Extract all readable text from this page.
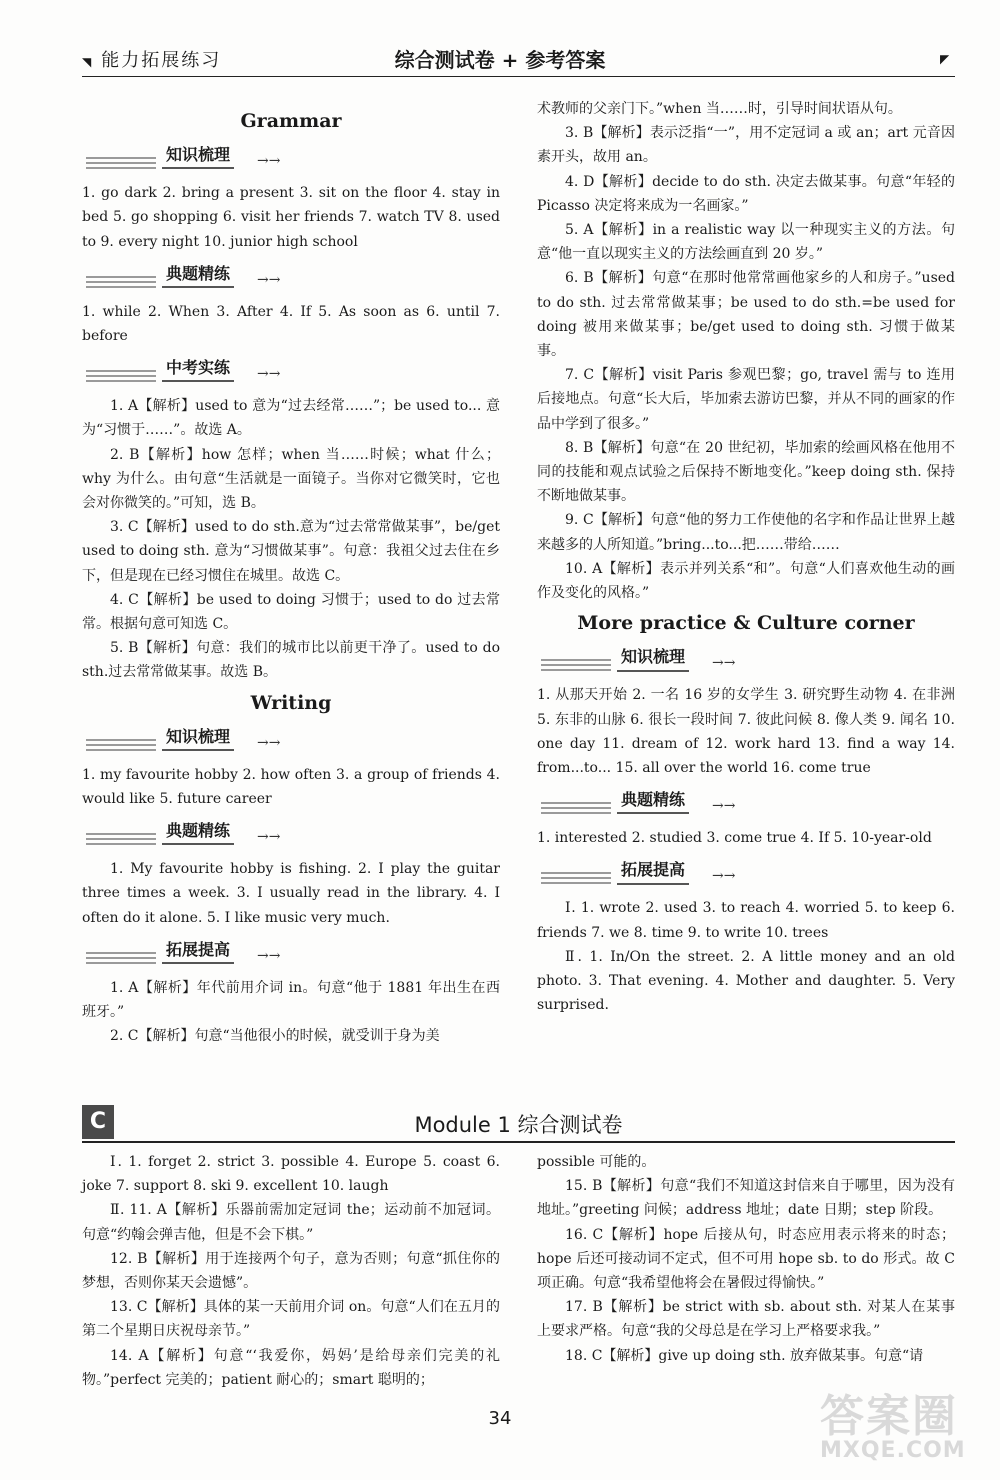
◥ 能力拓展练习	综合测试卷 + 参考答案	◤
Grammar
知识梳理 →→

1. go dark 2. bring a present 3. sit on the floor 4. stay in bed 5. go shopping 6. visit her friends 7. watch TV 8. used to 9. every night 10. junior high school

典题精练 →→

1. while 2. When 3. After 4. If 5. As soon as 6. until 7. before

中考实练 →→

1. A【解析】used to 意为“过去经常……”；be used to... 意为“习惯于……”。故选 A。

2. B【解析】how 怎样；when 当……时候；what 什么；why 为什么。由句意“生活就是一面镜子。当你对它微笑时，它也会对你微笑的。”可知，选 B。

3. C【解析】used to do sth.意为“过去常常做某事”，be/get used to doing sth. 意为“习惯做某事”。句意：我祖父过去住在乡下，但是现在已经习惯住在城里。故选 C。

4. C【解析】be used to doing 习惯于；used to do 过去常常。根据句意可知选 C。

5. B【解析】句意：我们的城市比以前更干净了。used to do sth.过去常常做某事。故选 B。

Writing
知识梳理 →→

1. my favourite hobby 2. how often 3. a group of friends 4. would like 5. future career

典题精练 →→

1. My favourite hobby is fishing. 2. I play the guitar three times a week. 3. I usually read in the library. 4. I often do it alone. 5. I like music very much.

拓展提高 →→

1. A【解析】年代前用介词 in。句意“他于 1881 年出生在西班牙。”

2. C【解析】句意“当他很小的时候，就受训于身为美

术教师的父亲门下。”when 当……时，引导时间状语从句。

3. B【解析】表示泛指“一”，用不定冠词 a 或 an；art 元音因素开头，故用 an。

4. D【解析】decide to do sth. 决定去做某事。句意“年轻的 Picasso 决定将来成为一名画家。”

5. A【解析】in a realistic way 以一种现实主义的方法。句意“他一直以现实主义的方法绘画直到 20 岁。”

6. B【解析】句意“在那时他常常画他家乡的人和房子。”used to do sth. 过去常常做某事；be used to do sth.=be used for doing 被用来做某事；be/get used to doing sth. 习惯于做某事。

7. C【解析】visit Paris 参观巴黎；go, travel 需与 to 连用后接地点。句意“长大后，毕加索去游访巴黎，并从不同的画家的作品中学到了很多。”

8. B【解析】句意“在 20 世纪初，毕加索的绘画风格在他用不同的技能和观点试验之后保持不断地变化。”keep doing sth. 保持不断地做某事。

9. C【解析】句意“他的努力工作使他的名字和作品让世界上越来越多的人所知道。”bring...to...把……带给……

10. A【解析】表示并列关系“和”。句意“人们喜欢他生动的画作及变化的风格。”

More practice & Culture corner
知识梳理 →→

1. 从那天开始 2. 一名 16 岁的女学生 3. 研究野生动物 4. 在非洲 5. 东非的山脉 6. 很长一段时间 7. 彼此问候 8. 像人类 9. 闻名 10. one day 11. dream of 12. work hard 13. find a way 14. from...to... 15. all over the world 16. come true

典题精练 →→

1. interested 2. studied 3. come true 4. If 5. 10-year-old

拓展提高 →→

Ⅰ. 1. wrote 2. used 3. to reach 4. worried 5. to keep 6. friends 7. we 8. time 9. to write 10. trees

Ⅱ. 1. In/On the street. 2. A little money and an old photo. 3. That evening. 4. Mother and daughter. 5. Very surprised.

C	Module 1 综合测试卷

Ⅰ. 1. forget 2. strict 3. possible 4. Europe 5. coast 6. joke 7. support 8. ski 9. excellent 10. laugh

Ⅱ. 11. A【解析】乐器前需加定冠词 the；运动前不加冠词。句意“约翰会弹吉他，但是不会下棋。”

12. B【解析】用于连接两个句子，意为否则；句意“抓住你的梦想，否则你某天会遗憾”。

13. C【解析】具体的某一天前用介词 on。句意“人们在五月的第二个星期日庆祝母亲节。”

14. A【解析】句意“‘我爱你，妈妈’是给母亲们完美的礼物。”perfect 完美的；patient 耐心的；smart 聪明的；

possible 可能的。

15. B【解析】句意“我们不知道这封信来自于哪里，因为没有地址。”greeting 问候；address 地址；date 日期；step 阶段。

16. C【解析】hope 后接从句，时态应用表示将来的时态；hope 后还可接动词不定式，但不可用 hope sb. to do 形式。故 C 项正确。句意“我希望他将会在暑假过得愉快。”

17. B【解析】be strict with sb. about sth. 对某人在某事上要求严格。句意“我的父母总是在学习上严格要求我。”

18. C【解析】give up doing sth. 放弃做某事。句意“请

34	答案圈
MXQE.COM
